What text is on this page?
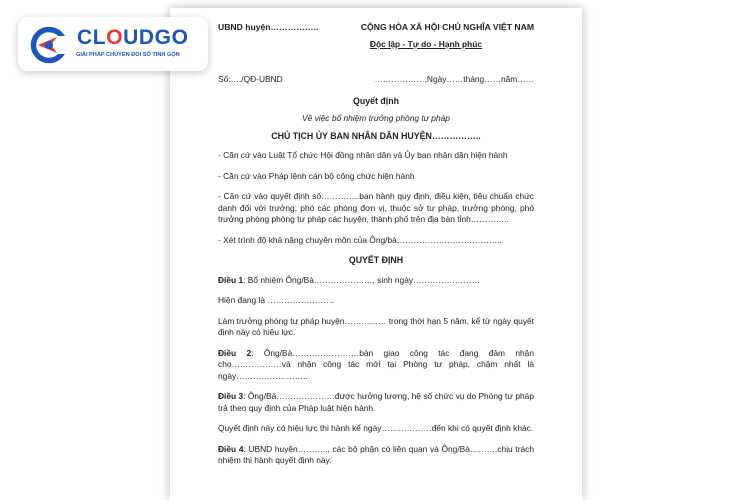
UBND huyện……………..	CỘNG HÒA XÃ HỘI CHỦ NGHĨA VIỆT NAM
Độc lập - Tự do - Hạnh phúc
Số:…./QĐ-UBND	………………,Ngày……tháng……năm……
Quyết định
Về việc bổ nhiệm trưởng phòng tư pháp
CHỦ TỊCH ỦY BAN NHÂN DÂN HUYỆN……………..
- Căn cứ vào Luật Tổ chức Hội đồng nhân dân và Ủy ban nhân dân hiện hành
- Căn cứ vào Pháp lệnh cán bộ công chức hiện hành
- Căn cứ vào quyết định số…………..ban hành quy định, điều kiện, tiêu chuẩn chức danh đối với trưởng, phó các phòng đơn vị, thuộc sở tư pháp, trưởng phòng, phó trưởng phòng phòng tư pháp các huyện, thành phố trên địa bàn tỉnh…………..
- Xét trình độ khả năng chuyên môn của Ông/bà………………………………..
QUYẾT ĐỊNH
Điều 1: Bổ nhiệm Ông/Bà…………………, sinh ngày……………………
Hiện đang là ……………………
Làm trưởng phòng tư pháp huyện…………… trong thời hạn 5 năm, kể từ ngày quyết định này có hiệu lực.
Điều 2: Ông/Bà……………………bàn giao công tác đang đảm nhận cho………………và nhận công tác mới tại Phòng tư pháp, chậm nhất là ngày……………………..
Điều 3: Ông/Bà…………………được hưởng lương, hệ số chức vụ do Phòng tư pháp trả theo quy định của Pháp luật hiện hành.
Quyết định này có hiệu lực thi hành kể ngày………………đến khi có quyết định khác.
Điều 4: UBND huyện……….., các bộ phận có liên quan và Ông/Bà……….chịu trách nhiệm thi hành quyết định này.
CLOUDGO
GIẢI PHÁP CHUYỂN ĐỔI SỐ TINH GỌN
